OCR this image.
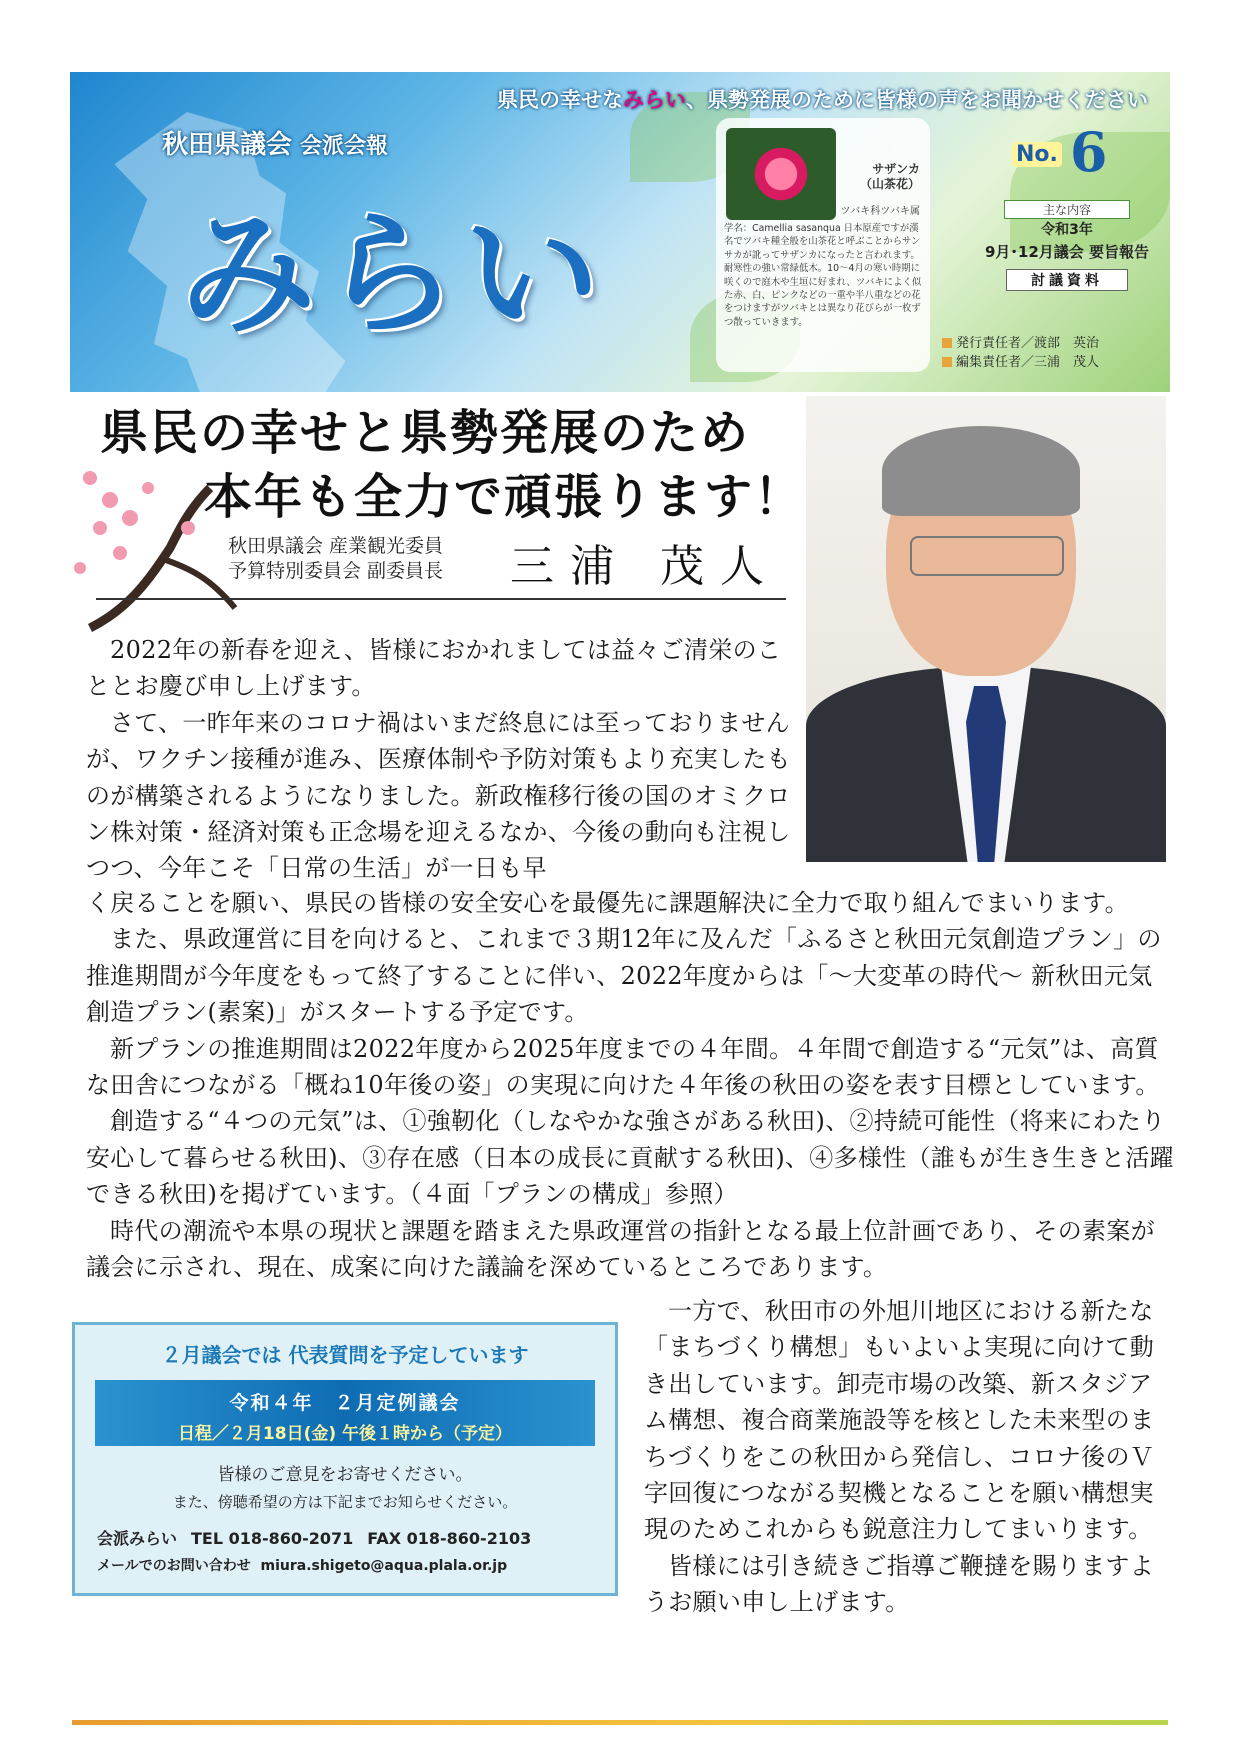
県民の幸せなみらい、県勢発展のために皆様の声をお聞かせください
秋田県議会 会派会報
みらい
サザンカ
（山茶花）
ツバキ科ツバキ属
学名：Camellia sasanqua 日本原産ですが漢名でツバキ種全般を山茶花と呼ぶことからサンサカが訛ってサザンカになったと言われます。耐寒性の強い常緑低木。10～4月の寒い時期に咲くので庭木や生垣に好まれ、ツバキによく似た赤、白、ピンクなどの一重や半八重などの花をつけますがツバキとは異なり花びらが一枚ずつ散っていきます。
No. 6
主な内容
令和3年
9月･12月議会 要旨報告
討議資料
発行責任者／渡部　英治
編集責任者／三浦　茂人
県民の幸せと県勢発展のため
本年も全力で頑張ります！
秋田県議会 産業観光委員
予算特別委員会 副委員長 三浦 茂人

2022年の新春を迎え、皆様におかれましては益々ご清栄のこととお慶び申し上げます。

さて、一昨年来のコロナ禍はいまだ終息には至っておりませんが、ワクチン接種が進み、医療体制や予防対策もより充実したものが構築されるようになりました。新政権移行後の国のオミクロン株対策・経済対策も正念場を迎えるなか、今後の動向も注視しつつ、今年こそ「日常の生活」が一日も早

く戻ることを願い、県民の皆様の安全安心を最優先に課題解決に全力で取り組んでまいります。

また、県政運営に目を向けると、これまで３期12年に及んだ「ふるさと秋田元気創造プラン」の推進期間が今年度をもって終了することに伴い、2022年度からは「～大変革の時代～ 新秋田元気創造プラン(素案)」がスタートする予定です。

新プランの推進期間は2022年度から2025年度までの４年間。４年間で創造する“元気”は、高質な田舎につながる「概ね10年後の姿」の実現に向けた４年後の秋田の姿を表す目標としています。

創造する“４つの元気”は、①強靭化（しなやかな強さがある秋田)、②持続可能性（将来にわたり安心して暮らせる秋田)、③存在感（日本の成長に貢献する秋田)、④多様性（誰もが生き生きと活躍できる秋田)を掲げています。（４面「プランの構成」参照）

時代の潮流や本県の現状と課題を踏まえた県政運営の指針となる最上位計画であり、その素案が議会に示され、現在、成案に向けた議論を深めているところであります。

一方で、秋田市の外旭川地区における新たな「まちづくり構想」もいよいよ実現に向けて動き出しています。卸売市場の改築、新スタジアム構想、複合商業施設等を核とした未来型のまちづくりをこの秋田から発信し、コロナ後のＶ字回復につながる契機となることを願い構想実現のためこれからも鋭意注力してまいります。

皆様には引き続きご指導ご鞭撻を賜りますようお願い申し上げます。

２月議会では 代表質問を予定しています
令和４年　２月定例議会
日程／２月18日(金) 午後１時から（予定）
皆様のご意見をお寄せください。
また、傍聴希望の方は下記までお知らせください。
会派みらい TEL 018-860-2071 FAX 018-860-2103
メールでのお問い合わせ miura.shigeto@aqua.plala.or.jp
